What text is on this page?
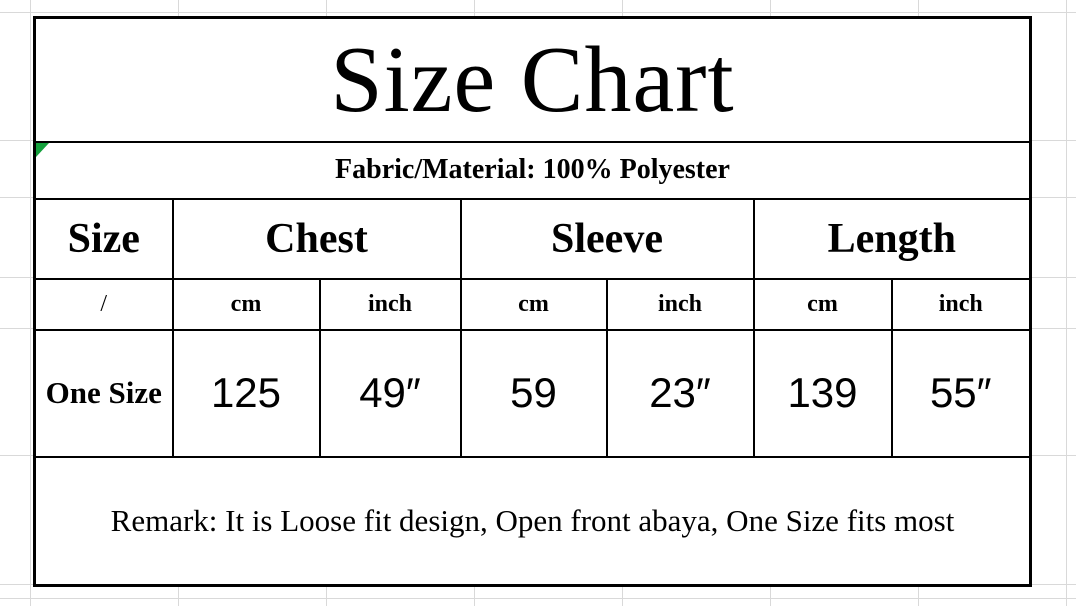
Size Chart						

Fabric/Material: 100% Polyester						
Size	Chest		Sleeve		Length	
/	cm	inch	cm	inch	cm	inch
One Size	125	49″	59	23″	139	55″
Remark: It is Loose fit design, Open front abaya, One Size fits most						
